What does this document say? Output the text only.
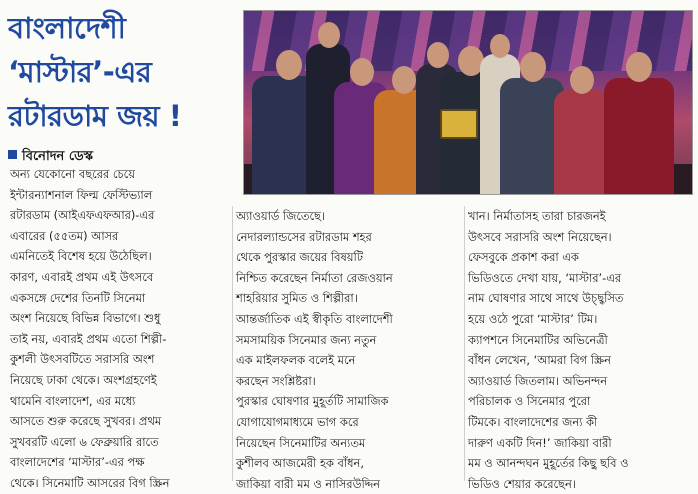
বাংলাদেশী
‘মাস্টার’-এর
রটারডাম জয় !
বিনোদন ডেস্ক
অন্য যেকোনো বছরের চেয়ে
ইন্টারন্যাশনাল ফিল্ম ফেস্টিভ্যাল
রটারডাম (আইএফএফআর)-এর
এবারের (৫৫তম) আসর
এমনিতেই বিশেষ হয়ে উঠেছিল।
কারণ, এবারই প্রথম এই উৎসবে
একসঙ্গে দেশের তিনটি সিনেমা
অংশ নিয়েছে বিভিন্ন বিভাগে। শুধু
তাই নয়, এবারই প্রথম এতো শিল্পী-
কুশলী উৎসবটিতে সরাসরি অংশ
নিয়েছে ঢাকা থেকে। অংশগ্রহণেই
থামেনি বাংলাদেশ, এর মধ্যে
আসতে শুরু করেছে সুখবর। প্রথম
সুখবরটি এলো ৬ ফেব্রুয়ারি রাতে
বাংলাদেশের ‘মাস্টার’-এর পক্ষ
থেকে। সিনেমাটি আসরের বিগ স্ক্রিন
অ্যাওয়ার্ড জিতেছে।
নেদারল্যান্ডসের রটারডাম শহর
থেকে পুরস্কার জয়ের বিষয়টি
নিশ্চিত করেছেন নির্মাতা রেজওয়ান
শাহরিয়ার সুমিত ও শিল্পীরা।
আন্তর্জাতিক এই স্বীকৃতি বাংলাদেশী
সমসাময়িক সিনেমার জন্য নতুন
এক মাইলফলক বলেই মনে
করছেন সংশ্লিষ্টরা।
পুরস্কার ঘোষণার মুহূর্তটি সামাজিক
যোগাযোগমাধ্যমে ভাগ করে
নিয়েছেন সিনেমাটির অন্যতম
কুশীলব আজমেরী হক বাঁধন,
জাকিয়া বারী মম ও নাসিরউদ্দিন
খান। নির্মাতাসহ তারা চারজনই
উৎসবে সরাসরি অংশ নিয়েছেন।
ফেসবুকে প্রকাশ করা এক
ভিডিওতে দেখা যায়, ‘মাস্টার’-এর
নাম ঘোষণার সাথে সাথে উচ্ছ্বসিত
হয়ে ওঠে পুরো ‘মাস্টার’ টিম।
ক্যাপশনে সিনেমাটির অভিনেত্রী
বাঁধন লেখেন, ‘আমরা বিগ স্ক্রিন
অ্যাওয়ার্ড জিতলাম। অভিনন্দন
পরিচালক ও সিনেমার পুরো
টিমকে। বাংলাদেশের জন্য কী
দারুণ একটি দিন!’ জাকিয়া বারী
মম ও আনন্দঘন মুহূর্তের কিছু ছবি ও
ভিডিও শেয়ার করেছেন।
